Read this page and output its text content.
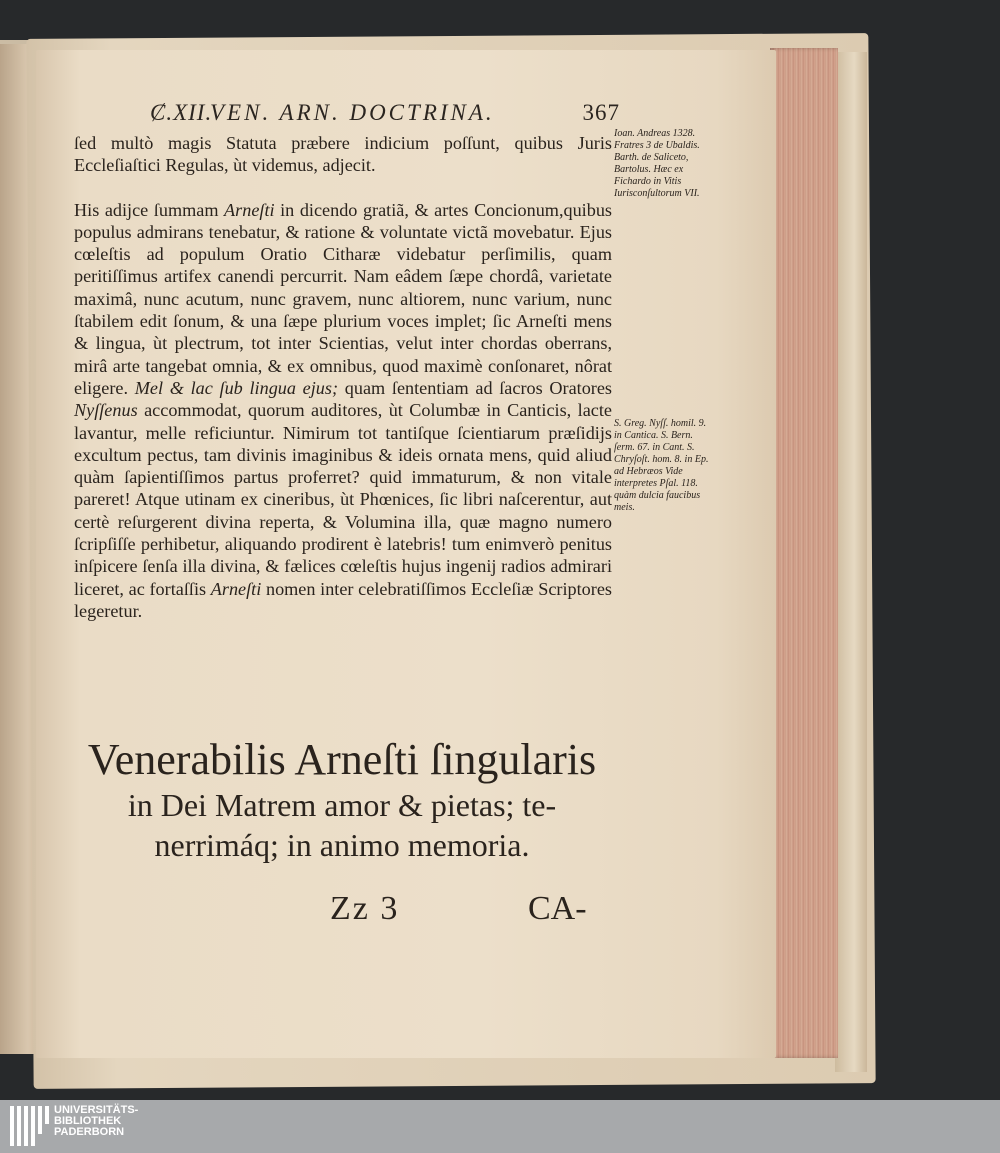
Ȼ.XII.
VEN. ARN. DOCTRINA.	367

ſed multò magis Statuta præbere indicium poſſunt, quibus Juris Eccleſiaſtici Regulas, ùt videmus, adjecit.

His adijce ſummam Arneſti in dicendo gratiã, & artes Concionum,quibus populus admirans tenebatur, & ratione & voluntate victã movebatur. Ejus cœleſtis ad populum Oratio Citharæ videbatur perſimilis, quam peritiſſimus artifex canendi percurrit. Nam eâdem ſæpe chordâ, varietate maximâ, nunc acutum, nunc gravem, nunc altiorem, nunc varium, nunc ſtabilem edit ſonum, & una ſæpe plurium voces implet; ſic Arneſti mens & lingua, ùt plectrum, tot inter Scientias, velut inter chordas oberrans, mirâ arte tangebat omnia, & ex omnibus, quod maximè conſonaret, nôrat eligere. Mel & lac ſub lingua ejus; quam ſententiam ad ſacros Oratores Nyſſenus accommodat, quorum auditores, ùt Columbæ in Canticis, lacte lavantur, melle reficiuntur. Nimirum tot tantiſque ſcientiarum præſidijs excultum pectus, tam divinis imaginibus & ideis ornata mens, quid aliud quàm ſapientiſſimos partus proferret? quid immaturum, & non vitale pareret! Atque utinam ex cineribus, ùt Phœnices, ſic libri naſcerentur, aut certè reſurgerent divina reperta, & Volumina illa, quæ magno numero ſcripſiſſe perhibetur, aliquando prodirent è latebris! tum enimverò penitus inſpicere ſenſa illa divina, & fælices cœleſtis hujus ingenij radios admirari liceret, ac fortaſſis Arneſti nomen inter celebratiſſimos Eccleſiæ Scriptores legeretur.

Ioan. Andreas 1328. Fratres 3 de Ubaldis. Barth. de Saliceto, Bartolus. Hæc ex Fichardo in Vitis Iurisconſultorum VII.
S. Greg. Nyſſ. homil. 9. in Cantica. S. Bern. ſerm. 67. in Cant. S. Chryſoſt. hom. 8. in Ep. ad Hebræos Vide interpretes Pſal. 118. quàm dulcia faucibus meis.
Venerabilis Arneſti ſingularis
in Dei Matrem amor & pietas; te-
nerrimáq; in animo memoria.
Zz 3	CA-
UNIVERSITÄTS-
BIBLIOTHEK
PADERBORN
